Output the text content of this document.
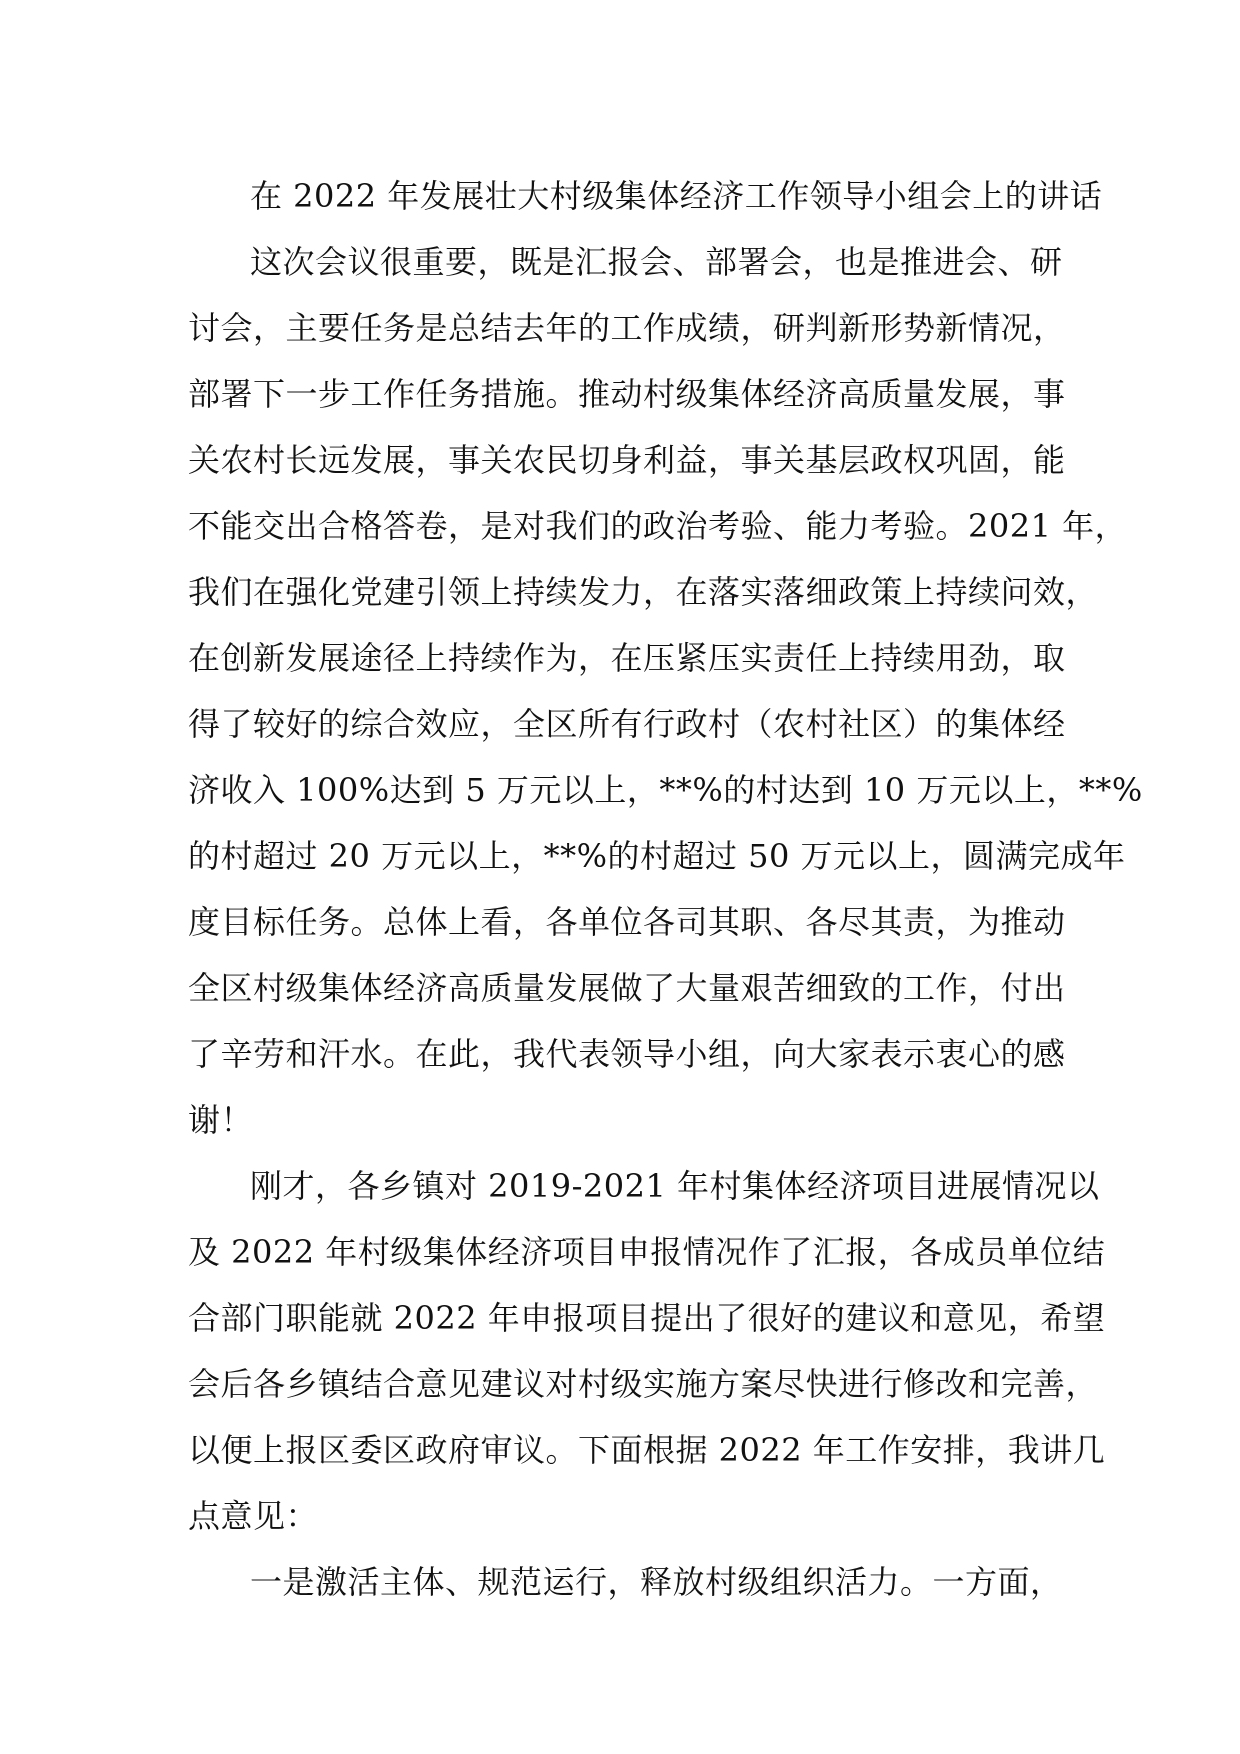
在 2022 年发展壮大村级集体经济工作领导小组会上的讲话
这次会议很重要，既是汇报会、部署会，也是推进会、研
讨会，主要任务是总结去年的工作成绩，研判新形势新情况，
部署下一步工作任务措施。推动村级集体经济高质量发展，事
关农村长远发展，事关农民切身利益，事关基层政权巩固，能
不能交出合格答卷，是对我们的政治考验、能力考验。2021 年，
我们在强化党建引领上持续发力，在落实落细政策上持续问效，
在创新发展途径上持续作为，在压紧压实责任上持续用劲，取
得了较好的综合效应，全区所有行政村（农村社区）的集体经
济收入 100%达到 5 万元以上，**%的村达到 10 万元以上，**%
的村超过 20 万元以上，**%的村超过 50 万元以上，圆满完成年
度目标任务。总体上看，各单位各司其职、各尽其责，为推动
全区村级集体经济高质量发展做了大量艰苦细致的工作，付出
了辛劳和汗水。在此，我代表领导小组，向大家表示衷心的感
谢！
刚才，各乡镇对 2019-2021 年村集体经济项目进展情况以
及 2022 年村级集体经济项目申报情况作了汇报，各成员单位结
合部门职能就 2022 年申报项目提出了很好的建议和意见，希望
会后各乡镇结合意见建议对村级实施方案尽快进行修改和完善，
以便上报区委区政府审议。下面根据 2022 年工作安排，我讲几
点意见：
一是激活主体、规范运行，释放村级组织活力。一方面，
